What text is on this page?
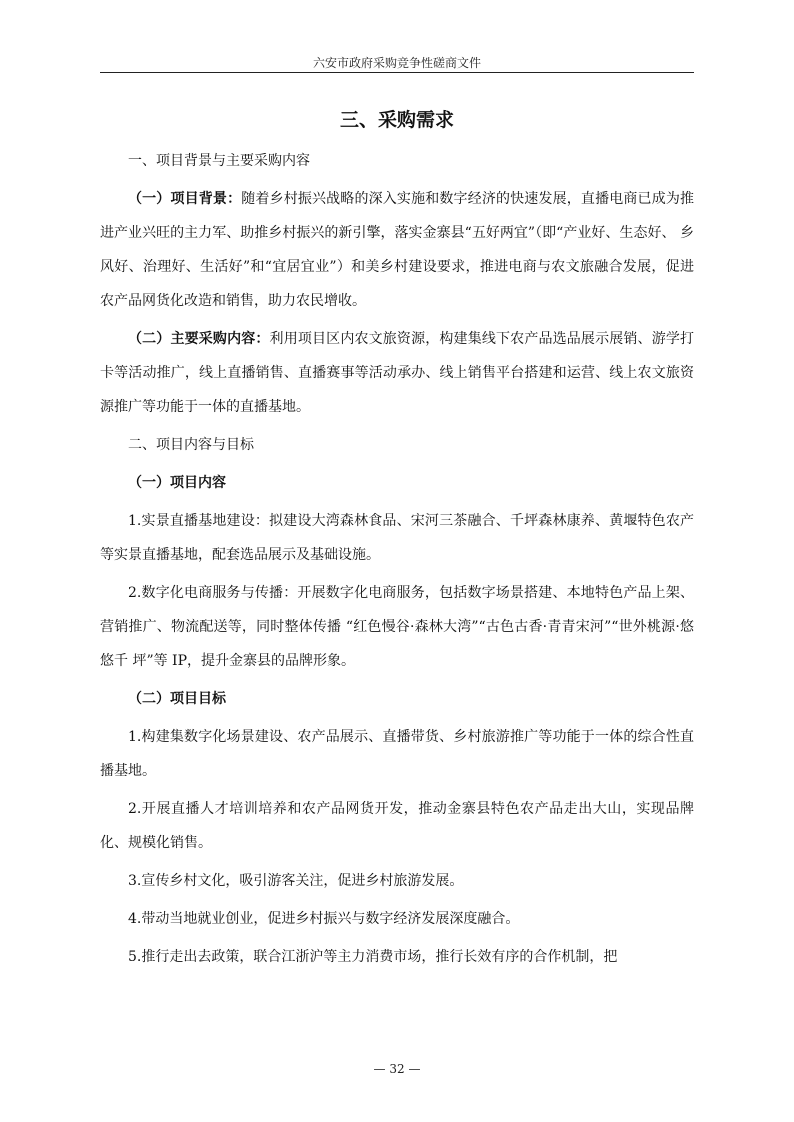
六安市政府采购竞争性磋商文件
三、采购需求

一、项目背景与主要采购内容

（一）项目背景：随着乡村振兴战略的深入实施和数字经济的快速发展，直播电商已成为推进产业兴旺的主力军、助推乡村振兴的新引擎，落实金寨县“五好两宜”（即“产业好、生态好、 乡风好、治理好、生活好”和“宜居宜业”）和美乡村建设要求，推进电商与农文旅融合发展，促进农产品网货化改造和销售，助力农民增收。

（二）主要采购内容：利用项目区内农文旅资源，构建集线下农产品选品展示展销、游学打卡等活动推广，线上直播销售、直播赛事等活动承办、线上销售平台搭建和运营、线上农文旅资源推广等功能于一体的直播基地。

二、项目内容与目标

（一）项目内容

1.实景直播基地建设：拟建设大湾森林食品、宋河三茶融合、千坪森林康养、黄堰特色农产等实景直播基地，配套选品展示及基础设施。

2.数字化电商服务与传播：开展数字化电商服务，包括数字场景搭建、本地特色产品上架、营销推广、物流配送等，同时整体传播 “红色慢谷·森林大湾”“古色古香·青青宋河”“世外桃源·悠悠千 坪”等 IP，提升金寨县的品牌形象。

（二）项目目标

1.构建集数字化场景建设、农产品展示、直播带货、乡村旅游推广等功能于一体的综合性直播基地。

2.开展直播人才培训培养和农产品网货开发，推动金寨县特色农产品走出大山，实现品牌化、规模化销售。

3.宣传乡村文化，吸引游客关注，促进乡村旅游发展。

4.带动当地就业创业，促进乡村振兴与数字经济发展深度融合。

5.推行走出去政策，联合江浙沪等主力消费市场，推行长效有序的合作机制，把

— 32 —
